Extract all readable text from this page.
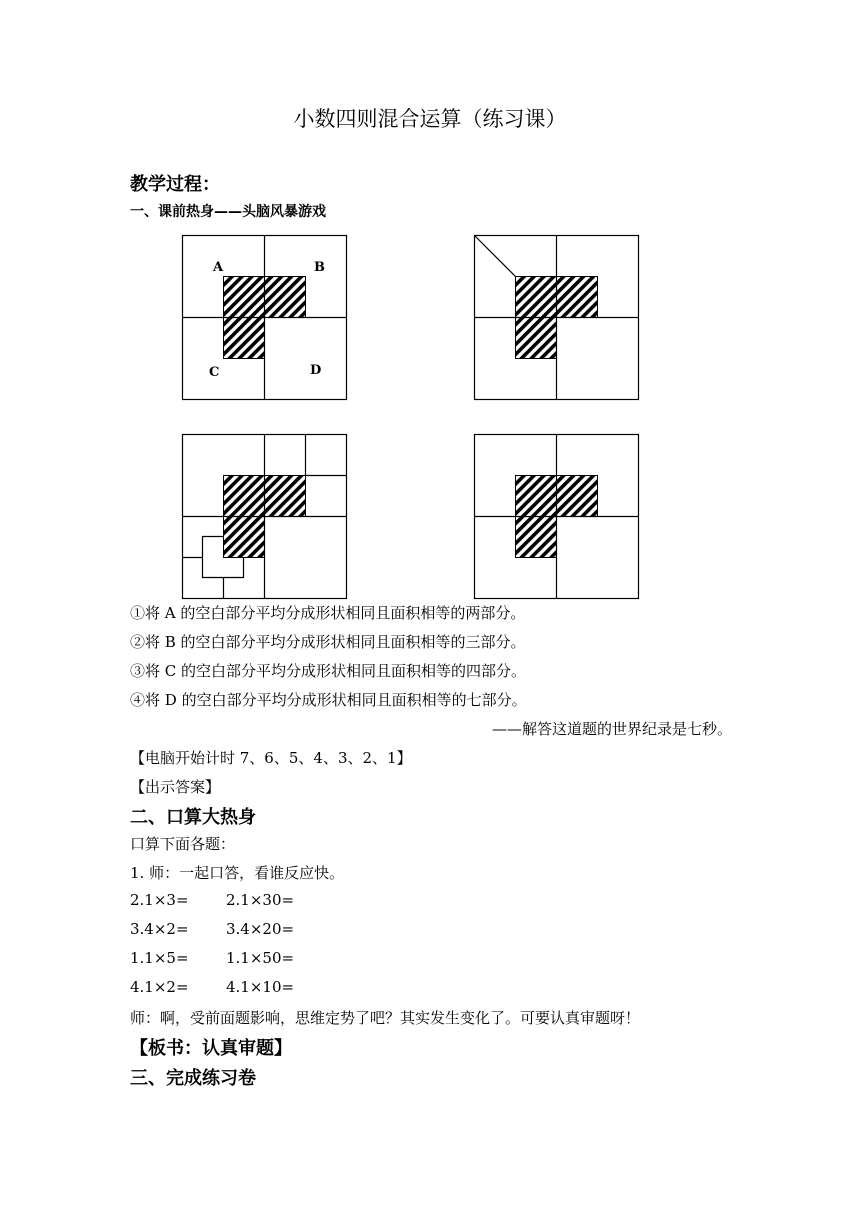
小数四则混合运算（练习课）
教学过程：
一、课前热身——头脑风暴游戏
A	B
C	D
①将 A 的空白部分平均分成形状相同且面积相等的两部分。
②将 B 的空白部分平均分成形状相同且面积相等的三部分。
③将 C 的空白部分平均分成形状相同且面积相等的四部分。
④将 D 的空白部分平均分成形状相同且面积相等的七部分。
——解答这道题的世界纪录是七秒。
【电脑开始计时 7、6、5、4、3、2、1】
【出示答案】
二、口算大热身
口算下面各题：
1. 师：一起口答，看谁反应快。
2.1×3= 2.1×30=
3.4×2= 3.4×20=
1.1×5= 1.1×50=
4.1×2= 4.1×10=
师：啊，受前面题影响，思维定势了吧？其实发生变化了。可要认真审题呀！
【板书：认真审题】
三、完成练习卷
